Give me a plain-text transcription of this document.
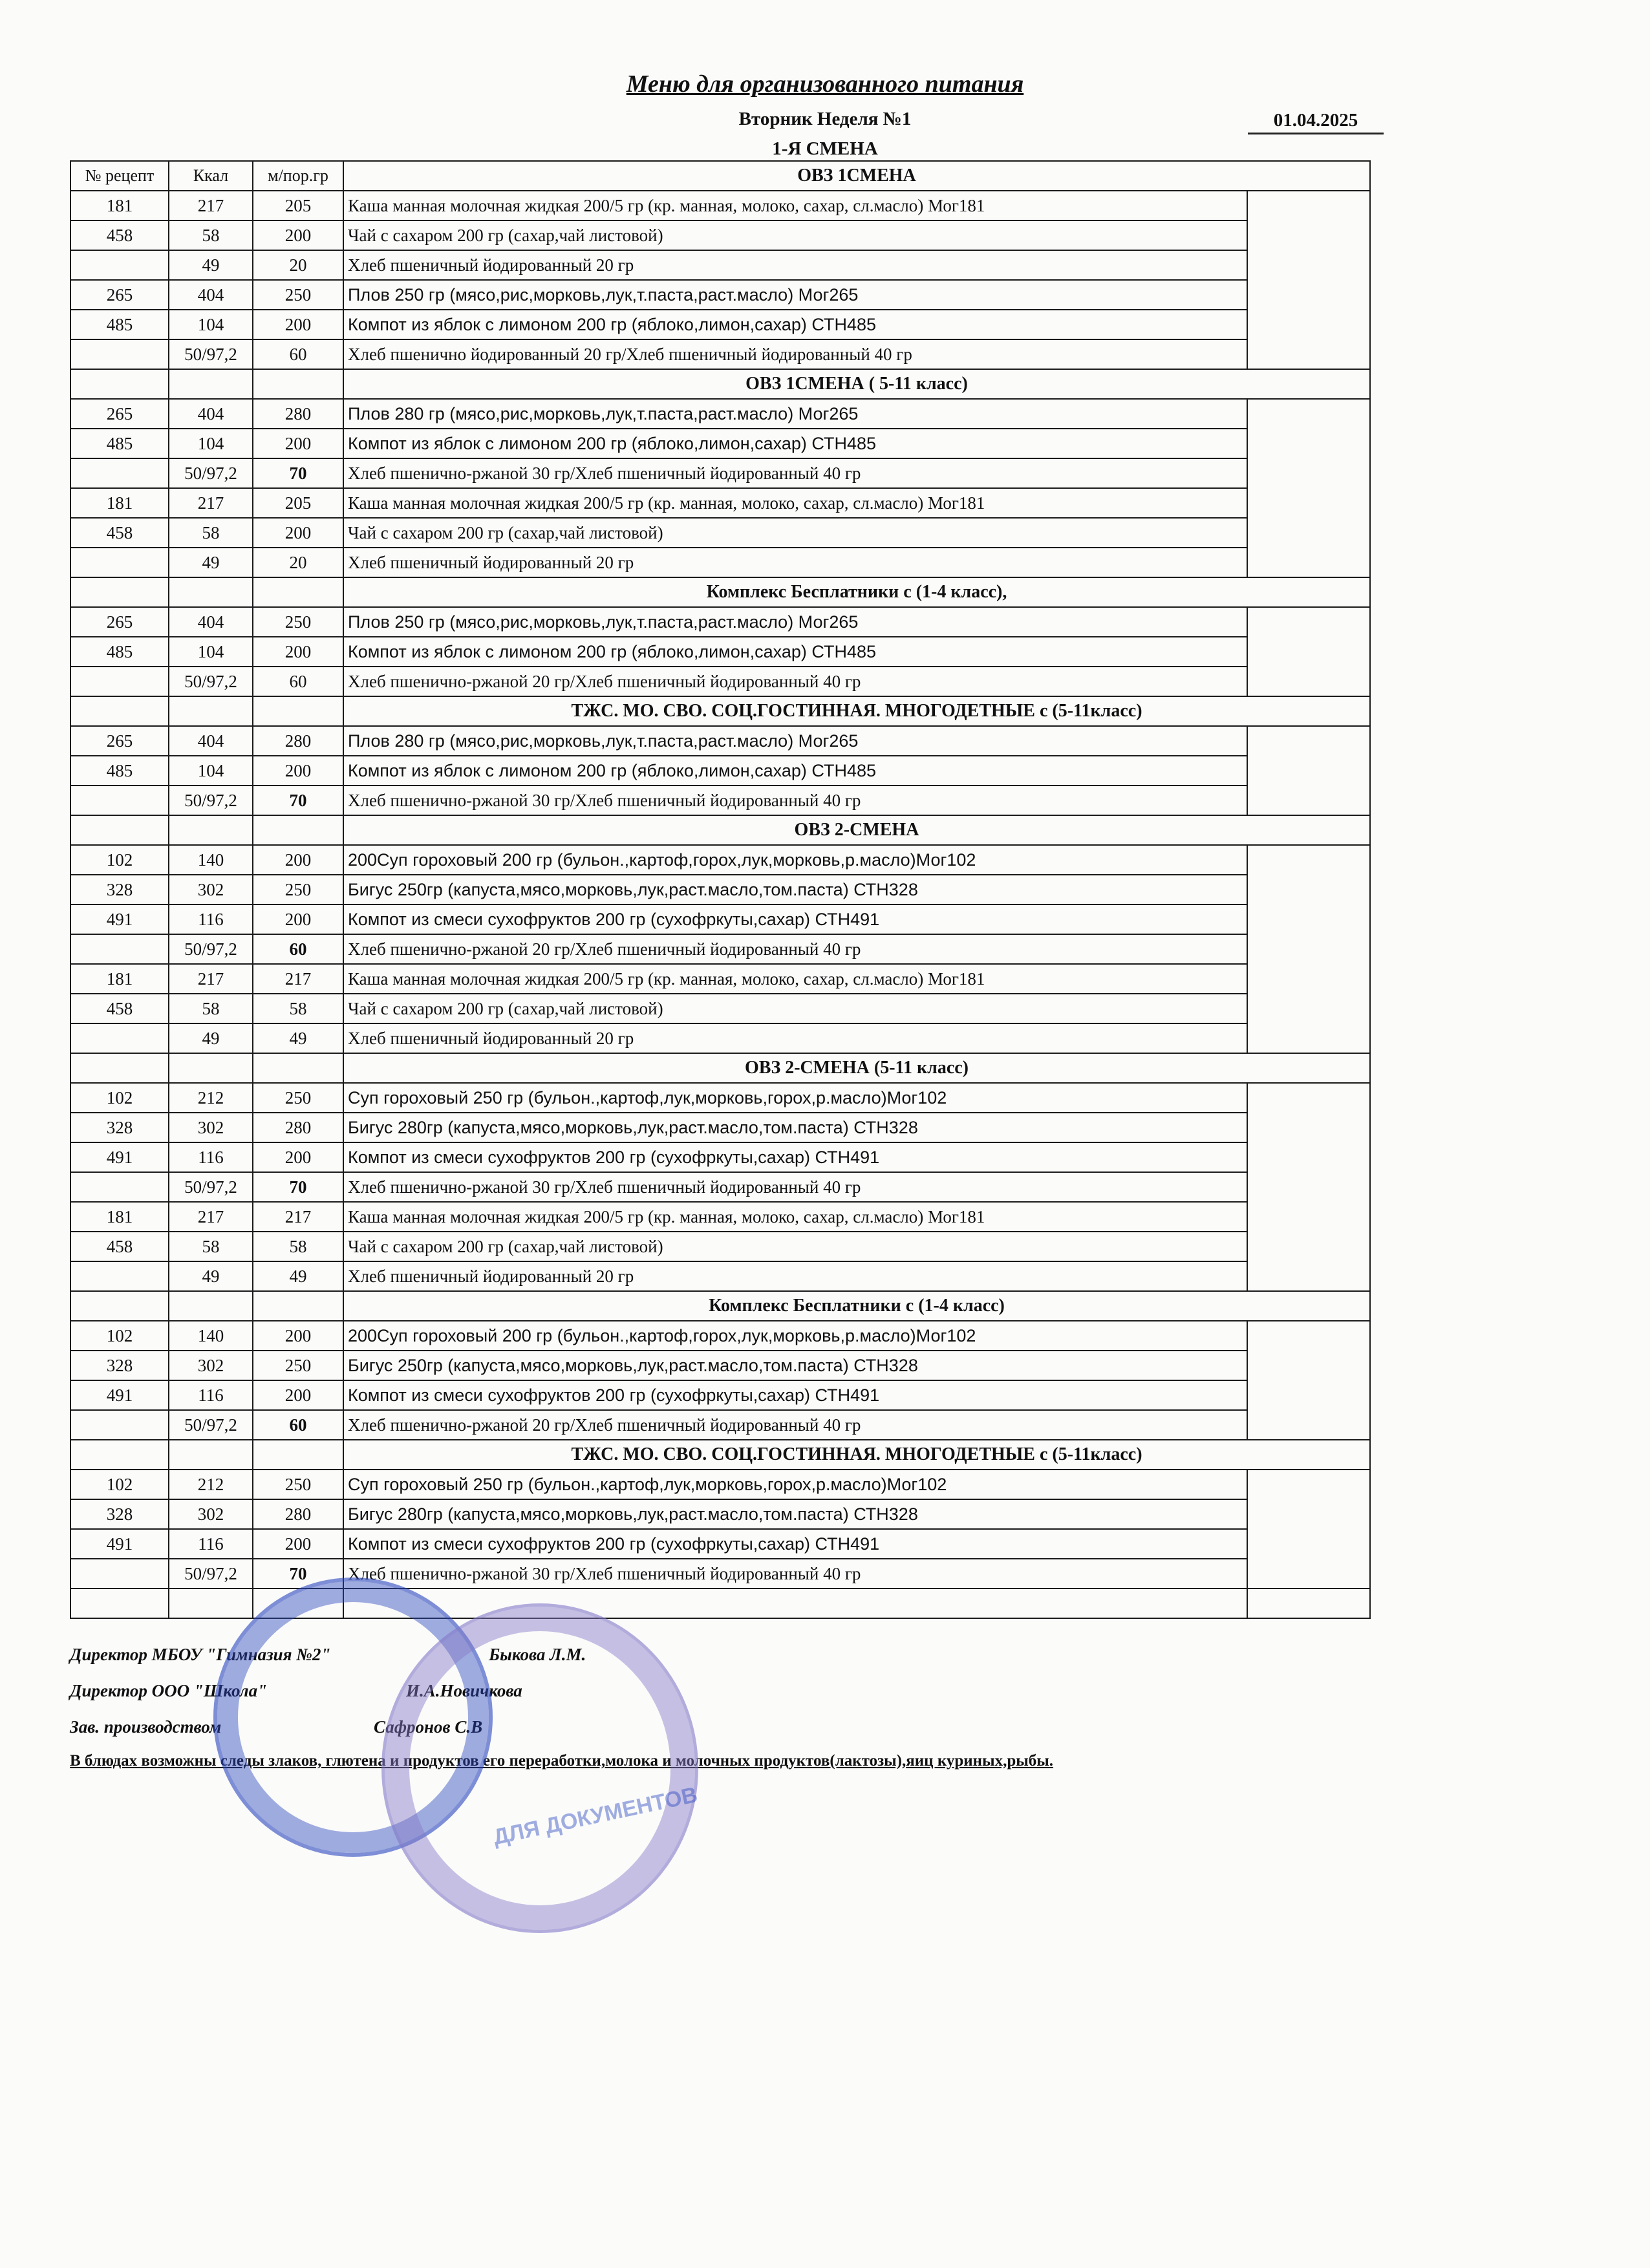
Меню для организованного питания
Вторник Неделя №1	01.04.2025
1-Я СМЕНА
№ рецепт	Ккал	м/пор.гр	ОВЗ 1СМЕНА	
181	217	205	Каша манная молочная жидкая 200/5 гр (кр. манная, молоко, сахар, сл.масло) Мог181	
458	58	200	Чай с сахаром 200 гр (сахар,чай листовой)	
	49	20	Хлеб пшеничный йодированный 20 гр	
265	404	250	Плов 250 гр (мясо,рис,морковь,лук,т.паста,раст.масло) Мог265	
485	104	200	Компот из яблок с лимоном 200 гр (яблоко,лимон,сахар) СТН485	
	50/97,2	60	Хлеб пшенично йодированный 20 гр/Хлеб пшеничный йодированный 40 гр	
			ОВЗ 1СМЕНА ( 5-11 класс)	
265	404	280	Плов 280 гр (мясо,рис,морковь,лук,т.паста,раст.масло) Мог265	
485	104	200	Компот из яблок с лимоном 200 гр (яблоко,лимон,сахар) СТН485	
	50/97,2	70	Хлеб пшенично-ржаной 30 гр/Хлеб пшеничный йодированный 40 гр	
181	217	205	Каша манная молочная жидкая 200/5 гр (кр. манная, молоко, сахар, сл.масло) Мог181	
458	58	200	Чай с сахаром 200 гр (сахар,чай листовой)	
	49	20	Хлеб пшеничный йодированный 20 гр	
			Комплекс Бесплатники с (1-4 класс),	
265	404	250	Плов 250 гр (мясо,рис,морковь,лук,т.паста,раст.масло) Мог265	
485	104	200	Компот из яблок с лимоном 200 гр (яблоко,лимон,сахар) СТН485	
	50/97,2	60	Хлеб пшенично-ржаной 20 гр/Хлеб пшеничный йодированный 40 гр	
			ТЖС. МО. СВО. СОЦ.ГОСТИННАЯ. МНОГОДЕТНЫЕ с (5-11класс)	
265	404	280	Плов 280 гр (мясо,рис,морковь,лук,т.паста,раст.масло) Мог265	
485	104	200	Компот из яблок с лимоном 200 гр (яблоко,лимон,сахар) СТН485	
	50/97,2	70	Хлеб пшенично-ржаной 30 гр/Хлеб пшеничный йодированный 40 гр	
			ОВЗ 2-СМЕНА	
102	140	200	200Суп гороховый 200 гр (бульон.,картоф,горох,лук,морковь,р.масло)Мог102	
328	302	250	Бигус 250гр (капуста,мясо,морковь,лук,раст.масло,том.паста) СТН328	
491	116	200	Компот из смеси сухофруктов 200 гр (сухофркуты,сахар) СТН491	
	50/97,2	60	Хлеб пшенично-ржаной 20 гр/Хлеб пшеничный йодированный 40 гр	
181	217	217	Каша манная молочная жидкая 200/5 гр (кр. манная, молоко, сахар, сл.масло) Мог181	
458	58	58	Чай с сахаром 200 гр (сахар,чай листовой)	
	49	49	Хлеб пшеничный йодированный 20 гр	
			ОВЗ 2-СМЕНА (5-11 класс)	
102	212	250	Суп гороховый 250 гр (бульон.,картоф,лук,морковь,горох,р.масло)Мог102	
328	302	280	Бигус 280гр (капуста,мясо,морковь,лук,раст.масло,том.паста) СТН328	
491	116	200	Компот из смеси сухофруктов 200 гр (сухофркуты,сахар) СТН491	
	50/97,2	70	Хлеб пшенично-ржаной 30 гр/Хлеб пшеничный йодированный 40 гр	
181	217	217	Каша манная молочная жидкая 200/5 гр (кр. манная, молоко, сахар, сл.масло) Мог181	
458	58	58	Чай с сахаром 200 гр (сахар,чай листовой)	
	49	49	Хлеб пшеничный йодированный 20 гр	
			Комплекс Бесплатники с (1-4 класс)	
102	140	200	200Суп гороховый 200 гр (бульон.,картоф,горох,лук,морковь,р.масло)Мог102	
328	302	250	Бигус 250гр (капуста,мясо,морковь,лук,раст.масло,том.паста) СТН328	
491	116	200	Компот из смеси сухофруктов 200 гр (сухофркуты,сахар) СТН491	
	50/97,2	60	Хлеб пшенично-ржаной 20 гр/Хлеб пшеничный йодированный 40 гр	
			ТЖС. МО. СВО. СОЦ.ГОСТИННАЯ. МНОГОДЕТНЫЕ с (5-11класс)	
102	212	250	Суп гороховый 250 гр (бульон.,картоф,лук,морковь,горох,р.масло)Мог102	
328	302	280	Бигус 280гр (капуста,мясо,морковь,лук,раст.масло,том.паста) СТН328	
491	116	200	Компот из смеси сухофруктов 200 гр (сухофркуты,сахар) СТН491	
	50/97,2	70	Хлеб пшенично-ржаной 30 гр/Хлеб пшеничный йодированный 40 гр	

Директор МБОУ "Гимназия №2"	Быкова Л.М.
Директор ООО "Школа"	И.А.Новичкова
Зав. производством	Сафронов С.В
В блюдах возможны следы злаков, глютена и продуктов его переработки,молока и молочных продуктов(лактозы),яиц куриных,рыбы.
ДЛЯ ДОКУМЕНТОВ
